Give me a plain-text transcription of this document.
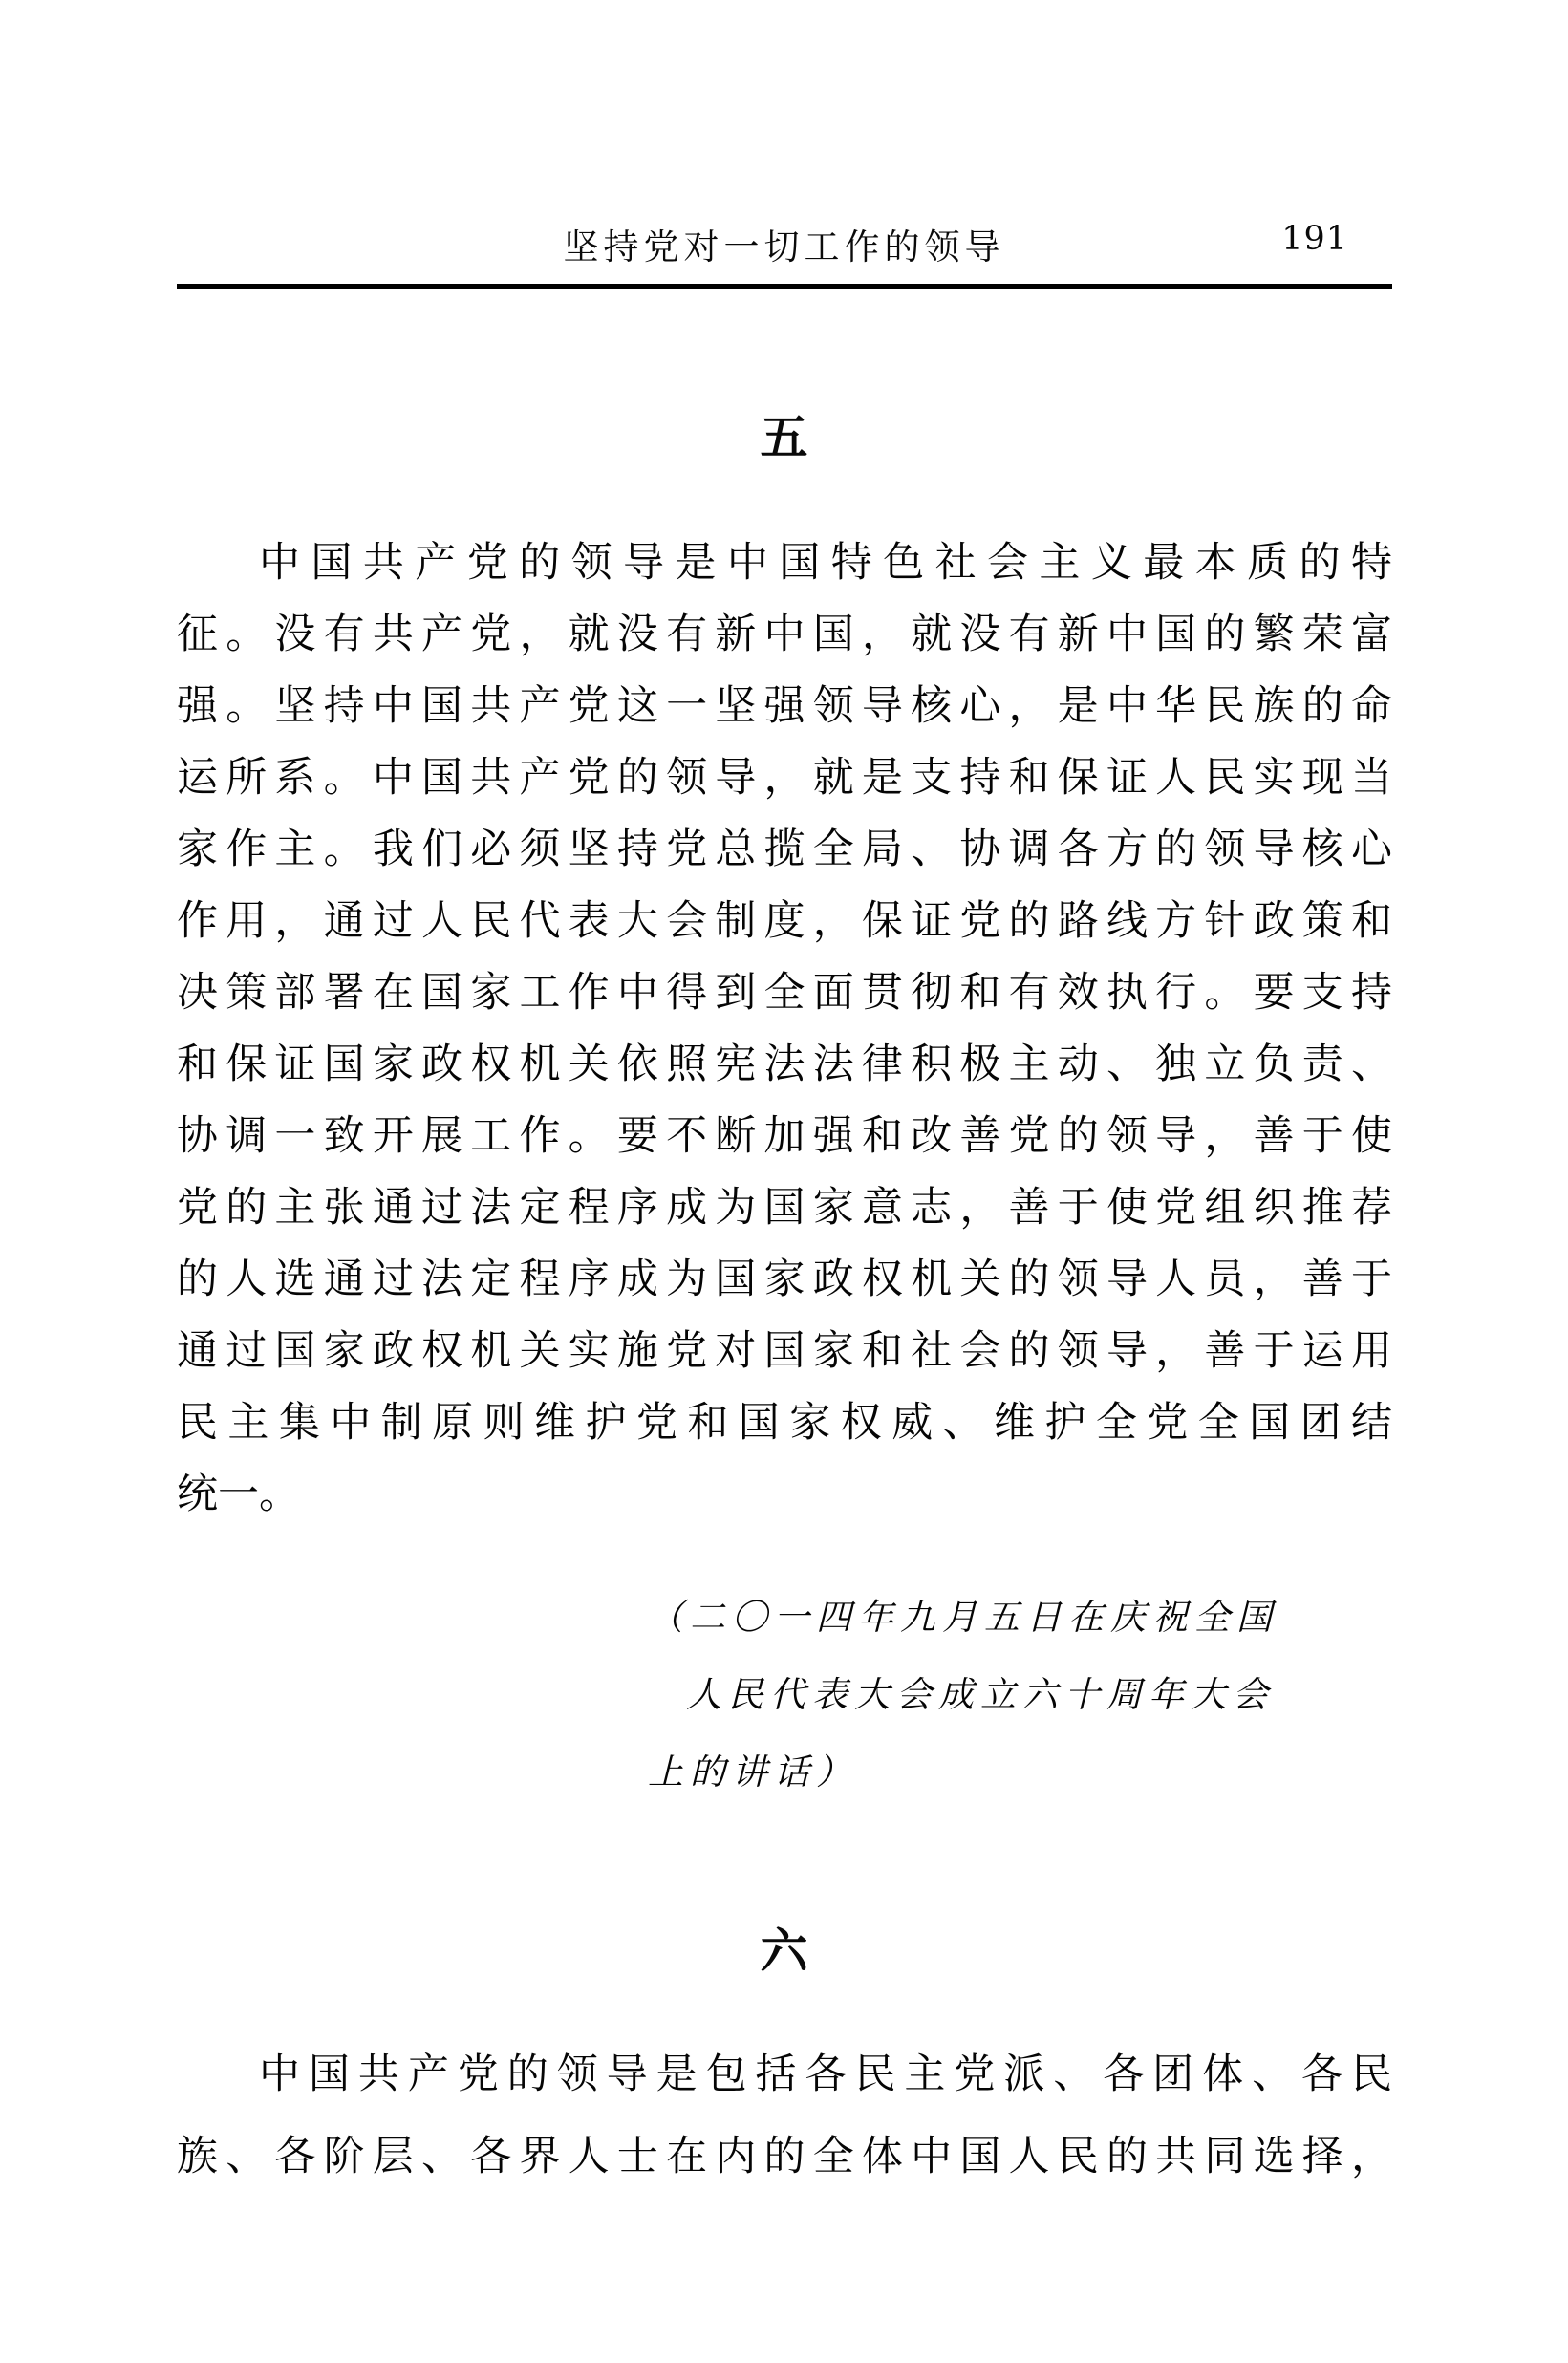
坚持党对一切工作的领导	191
五
中国共产党的领导是中国特色社会主义最本质的特
征。没有共产党，就没有新中国，就没有新中国的繁荣富
强。坚持中国共产党这一坚强领导核心，是中华民族的命
运所系。中国共产党的领导，就是支持和保证人民实现当
家作主。我们必须坚持党总揽全局、协调各方的领导核心
作用，通过人民代表大会制度，保证党的路线方针政策和
决策部署在国家工作中得到全面贯彻和有效执行。要支持
和保证国家政权机关依照宪法法律积极主动、独立负责、
协调一致开展工作。要不断加强和改善党的领导，善于使
党的主张通过法定程序成为国家意志，善于使党组织推荐
的人选通过法定程序成为国家政权机关的领导人员，善于
通过国家政权机关实施党对国家和社会的领导，善于运用
民主集中制原则维护党和国家权威、维护全党全国团结
统一。
（二〇一四年九月五日在庆祝全国
人民代表大会成立六十周年大会
上的讲话）
六
中国共产党的领导是包括各民主党派、各团体、各民
族、各阶层、各界人士在内的全体中国人民的共同选择，
